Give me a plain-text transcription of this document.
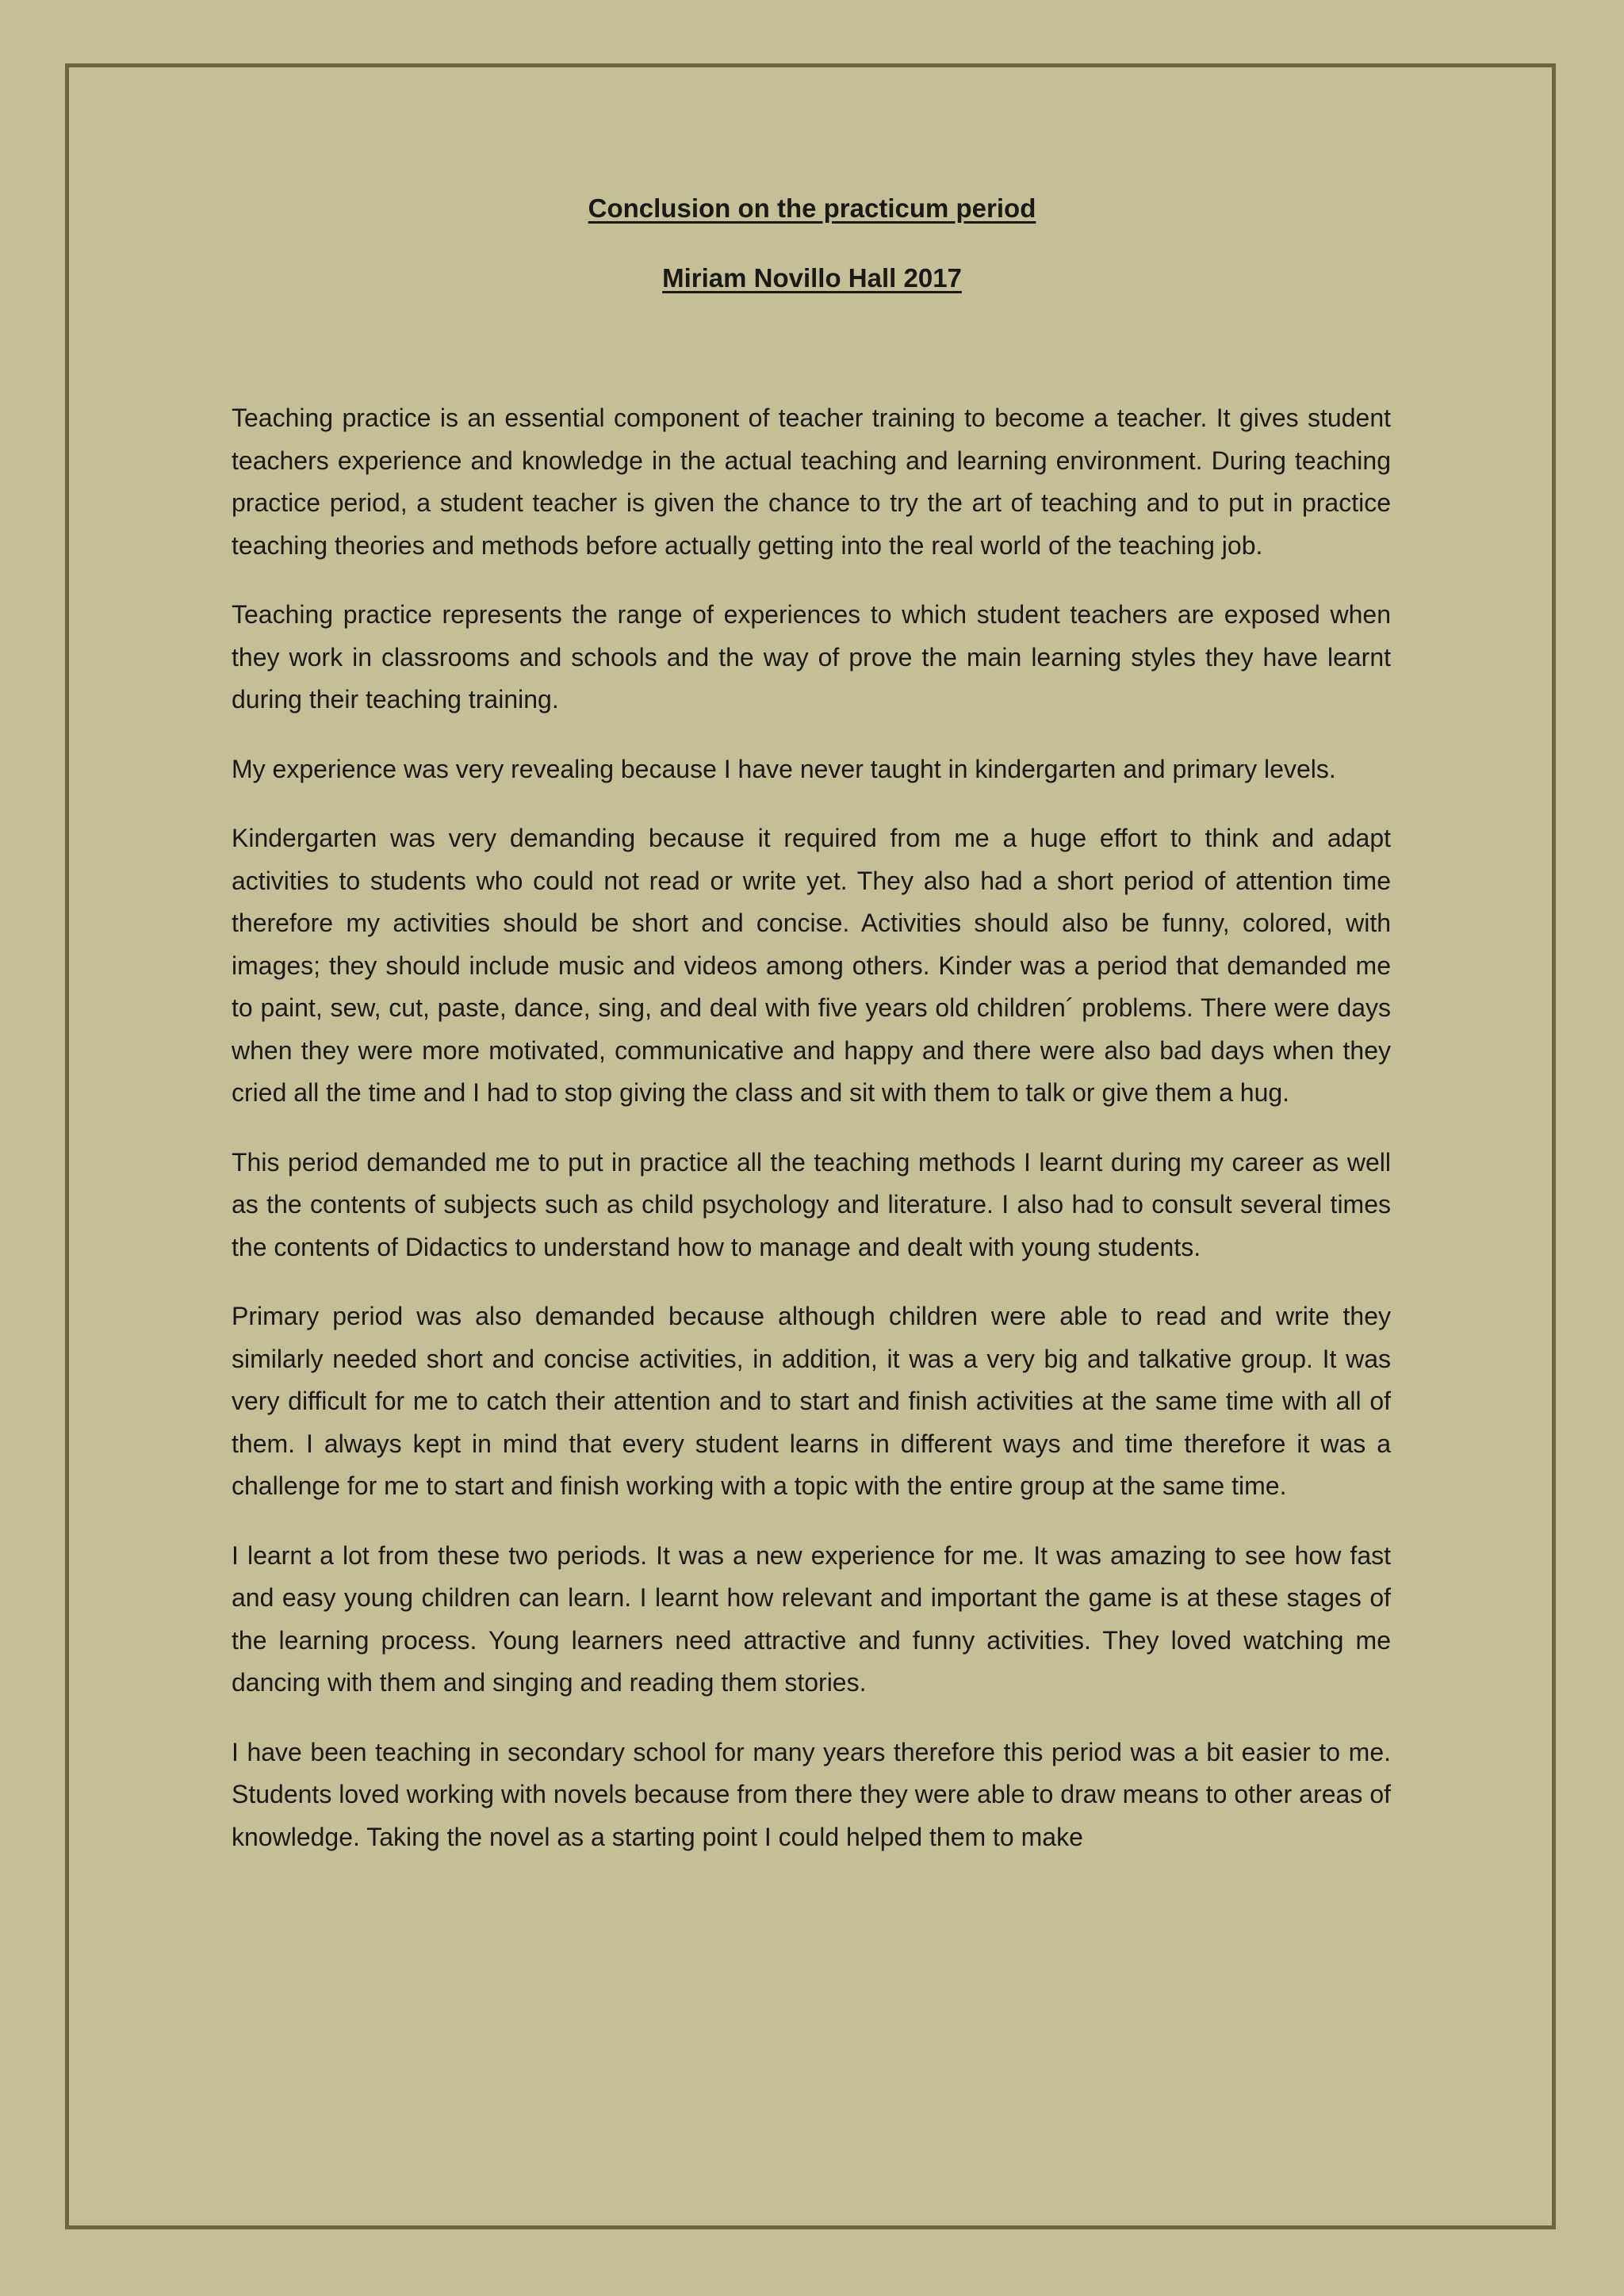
Conclusion on the practicum period
Miriam Novillo Hall 2017

Teaching practice is an essential component of teacher training to become a teacher. It gives student teachers experience and knowledge in the actual teaching and learning environment. During teaching practice period, a student teacher is given the chance to try the art of teaching and to put in practice teaching theories and methods before actually getting into the real world of the teaching job.

Teaching practice represents the range of experiences to which student teachers are exposed when they work in classrooms and schools and the way of prove the main learning styles they have learnt during their teaching training.

My experience was very revealing because I have never taught in kindergarten and primary levels.

Kindergarten was very demanding because it required from me a huge effort to think and adapt activities to students who could not read or write yet. They also had a short period of attention time therefore my activities should be short and concise. Activities should also be funny, colored, with images; they should include music and videos among others. Kinder was a period that demanded me to paint, sew, cut, paste, dance, sing, and deal with five years old children´ problems. There were days when they were more motivated, communicative and happy and there were also bad days when they cried all the time and I had to stop giving the class and sit with them to talk or give them a hug.

This period demanded me to put in practice all the teaching methods I learnt during my career as well as the contents of subjects such as child psychology and literature. I also had to consult several times the contents of Didactics to understand how to manage and dealt with young students.

Primary period was also demanded because although children were able to read and write they similarly needed short and concise activities, in addition, it was a very big and talkative group. It was very difficult for me to catch their attention and to start and finish activities at the same time with all of them. I always kept in mind that every student learns in different ways and time therefore it was a challenge for me to start and finish working with a topic with the entire group at the same time.

I learnt a lot from these two periods. It was a new experience for me. It was amazing to see how fast and easy young children can learn. I learnt how relevant and important the game is at these stages of the learning process. Young learners need attractive and funny activities. They loved watching me dancing with them and singing and reading them stories.

I have been teaching in secondary school for many years therefore this period was a bit easier to me. Students loved working with novels because from there they were able to draw means to other areas of knowledge. Taking the novel as a starting point I could helped them to make
